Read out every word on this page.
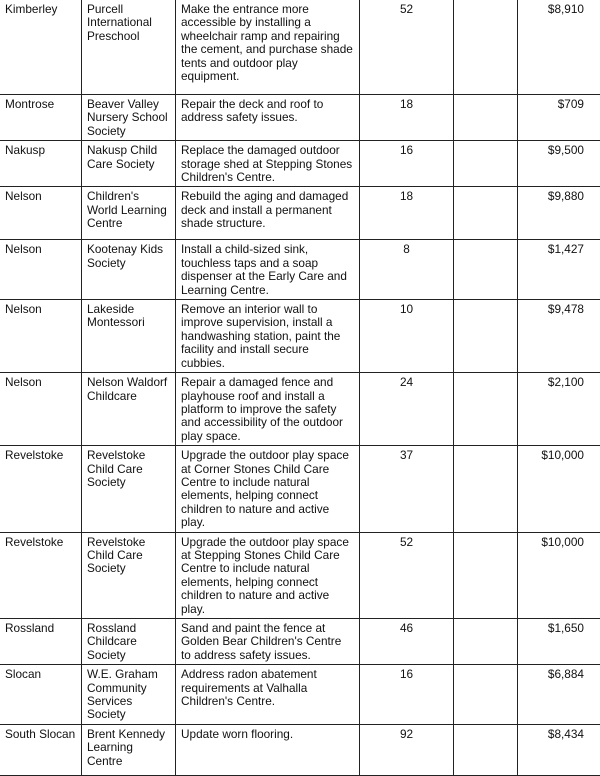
Kimberley	Purcell International Preschool	Make the entrance more accessible by installing a wheelchair ramp and repairing the cement, and purchase shade tents and outdoor play equipment.	52		$8,910
Montrose	Beaver Valley Nursery School Society	Repair the deck and roof to address safety issues.	18		$709
Nakusp	Nakusp Child Care Society	Replace the damaged outdoor storage shed at Stepping Stones Children's Centre.	16		$9,500
Nelson	Children's World Learning Centre	Rebuild the aging and damaged deck and install a permanent shade structure.	18		$9,880
Nelson	Kootenay Kids Society	Install a child-sized sink, touchless taps and a soap dispenser at the Early Care and Learning Centre.	8		$1,427
Nelson	Lakeside Montessori	Remove an interior wall to improve supervision, install a handwashing station, paint the facility and install secure cubbies.	10		$9,478
Nelson	Nelson Waldorf Childcare	Repair a damaged fence and playhouse roof and install a platform to improve the safety and accessibility of the outdoor play space.	24		$2,100
Revelstoke	Revelstoke Child Care Society	Upgrade the outdoor play space at Corner Stones Child Care Centre to include natural elements, helping connect children to nature and active play.	37		$10,000
Revelstoke	Revelstoke Child Care Society	Upgrade the outdoor play space at Stepping Stones Child Care Centre to include natural elements, helping connect children to nature and active play.	52		$10,000
Rossland	Rossland Childcare Society	Sand and paint the fence at Golden Bear Children's Centre to address safety issues.	46		$1,650
Slocan	W.E. Graham Community Services Society	Address radon abatement requirements at Valhalla Children's Centre.	16		$6,884
South Slocan	Brent Kennedy Learning Centre	Update worn flooring.	92		$8,434
